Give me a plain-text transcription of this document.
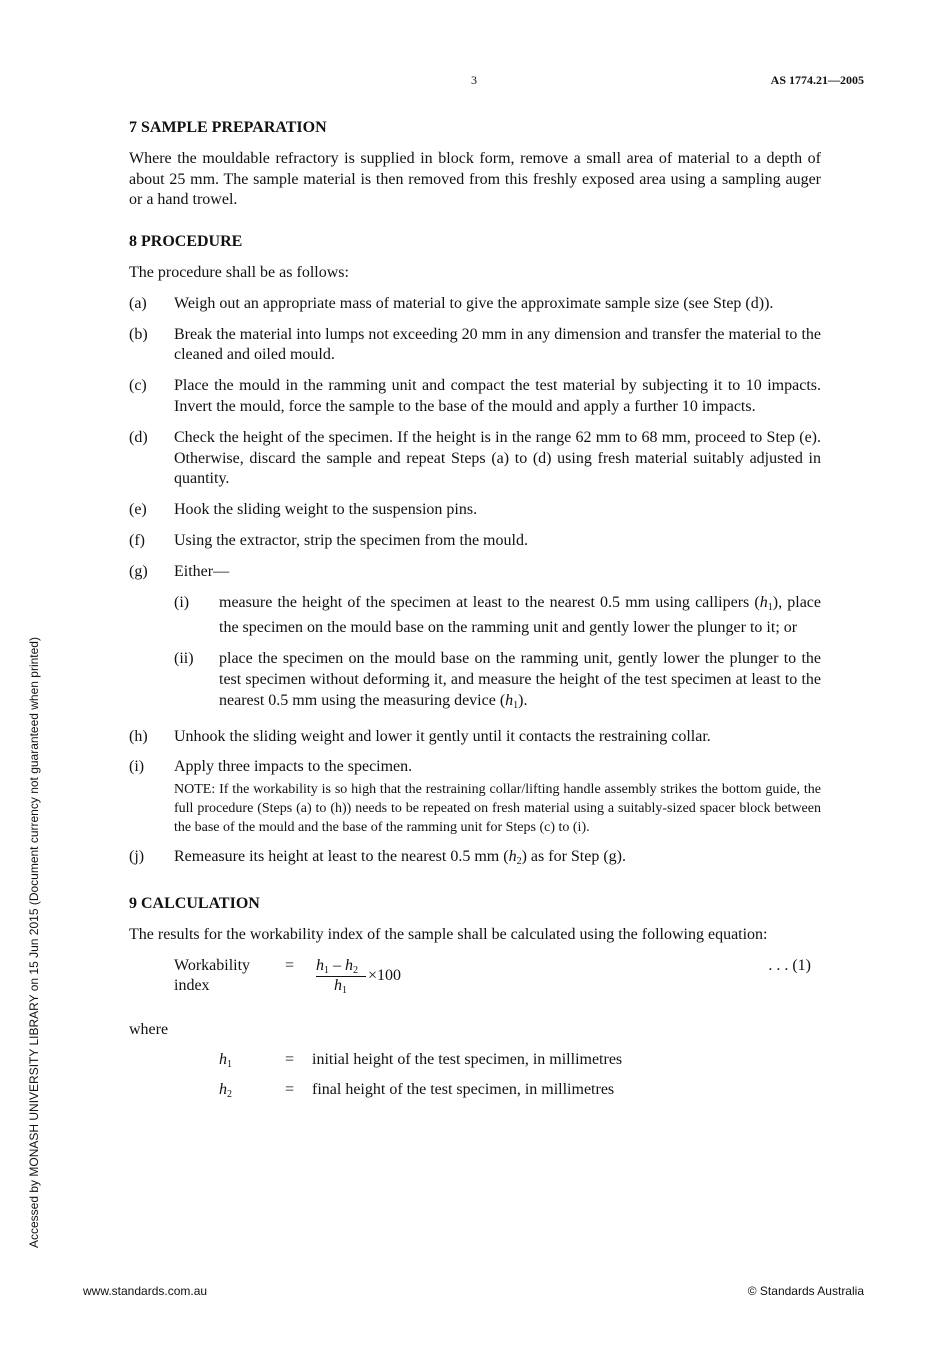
3	AS 1774.21—2005
Accessed by MONASH UNIVERSITY LIBRARY on 15 Jun 2015 (Document currency not guaranteed when printed)
7 SAMPLE PREPARATION
Where the mouldable refractory is supplied in block form, remove a small area of material to a depth of about 25 mm. The sample material is then removed from this freshly exposed area using a sampling auger or a hand trowel.
8 PROCEDURE
The procedure shall be as follows:
(a) Weigh out an appropriate mass of material to give the approximate sample size (see Step (d)).
(b) Break the material into lumps not exceeding 20 mm in any dimension and transfer the material to the cleaned and oiled mould.
(c) Place the mould in the ramming unit and compact the test material by subjecting it to 10 impacts. Invert the mould, force the sample to the base of the mould and apply a further 10 impacts.
(d) Check the height of the specimen. If the height is in the range 62 mm to 68 mm, proceed to Step (e). Otherwise, discard the sample and repeat Steps (a) to (d) using fresh material suitably adjusted in quantity.
(e) Hook the sliding weight to the suspension pins.
(f) Using the extractor, strip the specimen from the mould.
(g) Either—
(i) measure the height of the specimen at least to the nearest 0.5 mm using callipers $(h_1)$, place the specimen on the mould base on the ramming unit and gently lower the plunger to it; or
(ii) place the specimen on the mould base on the ramming unit, gently lower the plunger to the test specimen without deforming it, and measure the height of the test specimen at least to the nearest 0.5 mm using the measuring device $(h_1)$.
(h) Unhook the sliding weight and lower it gently until it contacts the restraining collar.
(i) Apply three impacts to the specimen.
NOTE: If the workability is so high that the restraining collar/lifting handle assembly strikes the bottom guide, the full procedure (Steps (a) to (h)) needs to be repeated on fresh material using a suitably-sized spacer block between the base of the mould and the base of the ramming unit for Steps (c) to (i).
(j) Remeasure its height at least to the nearest 0.5 mm $(h_2)$ as for Step (g).
9 CALCULATION
The results for the workability index of the sample shall be calculated using the following equation:
Workability index
= $h_1 - h_2$
$h_1$
×100
. . . (1)
where
$h_1$	= initial height of the test specimen, in millimetres
$h_2$	= final height of the test specimen, in millimetres
www.standards.com.au	© Standards Australia
